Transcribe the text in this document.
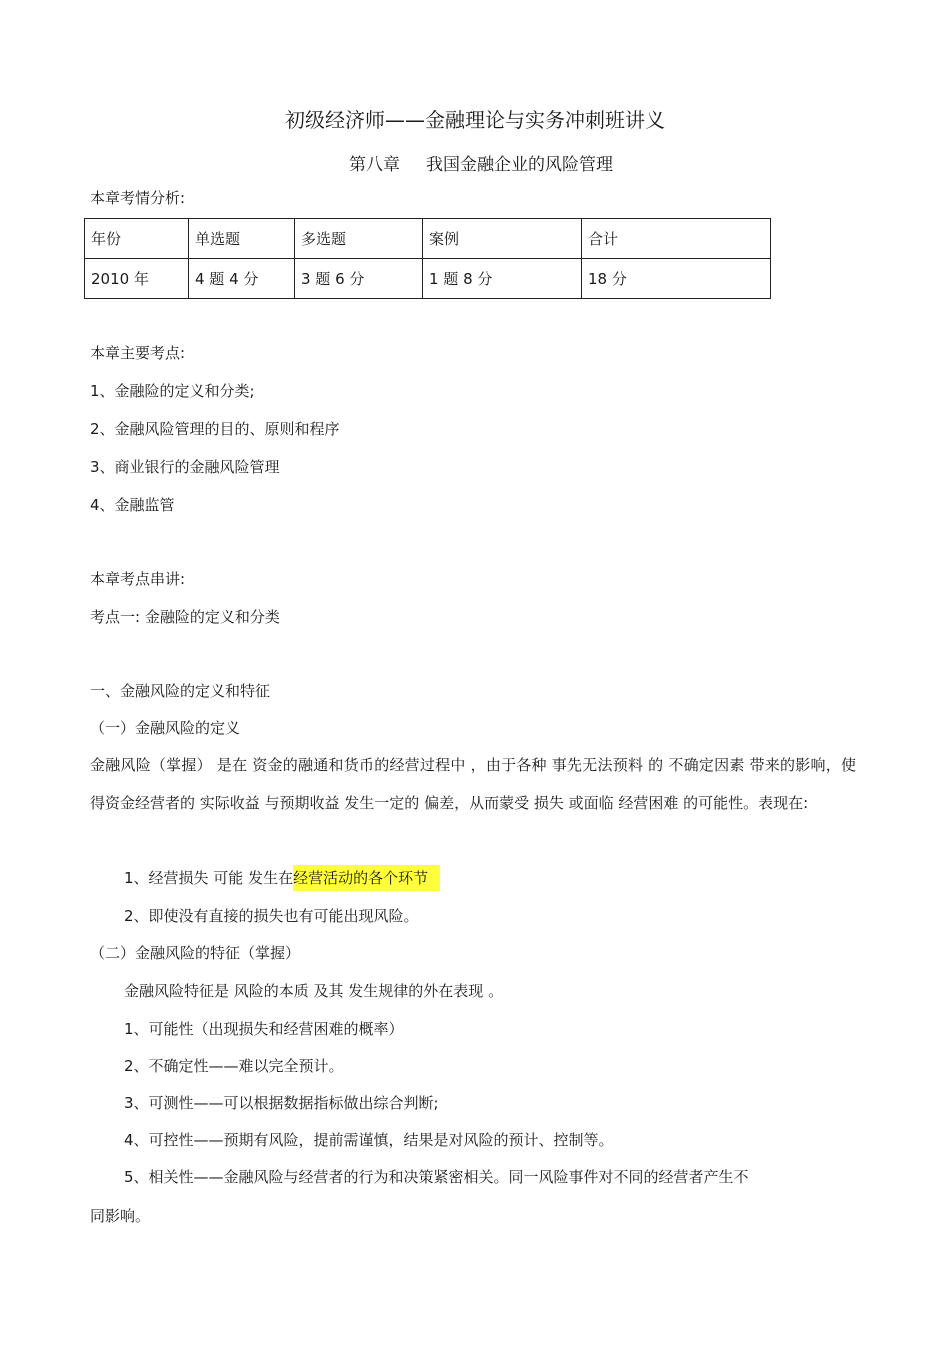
初级经济师——金融理论与实务冲刺班讲义
第八章 我国金融企业的风险管理
本章考情分析:
年份	单选题	多选题	案例	合计
2010 年	4 题 4 分	3 题 6 分	1 题 8 分	18 分
本章主要考点:
1、金融险的定义和分类;
2、金融风险管理的目的、原则和程序
3、商业银行的金融风险管理
4、金融监管
本章考点串讲:
考点一: 金融险的定义和分类
一、金融风险的定义和特征
（一）金融风险的定义
金融风险（掌握） 是在 资金的融通和货币的经营过程中 ，由于各种 事先无法预料 的 不确定因素 带来的影响，使得资金经营者的 实际收益 与预期收益 发生一定的 偏差，从而蒙受 损失 或面临 经营困难 的可能性。表现在:
1、经营损失 可能 发生在经营活动的各个环节
2、即使没有直接的损失也有可能出现风险。
（二）金融风险的特征（掌握）
金融风险特征是 风险的本质 及其 发生规律的外在表现 。
1、可能性（出现损失和经营困难的概率）
2、不确定性——难以完全预计。
3、可测性——可以根据数据指标做出综合判断;
4、可控性——预期有风险，提前需谨慎，结果是对风险的预计、控制等。
5、相关性——金融风险与经营者的行为和决策紧密相关。同一风险事件对不同的经营者产生不
同影响。
